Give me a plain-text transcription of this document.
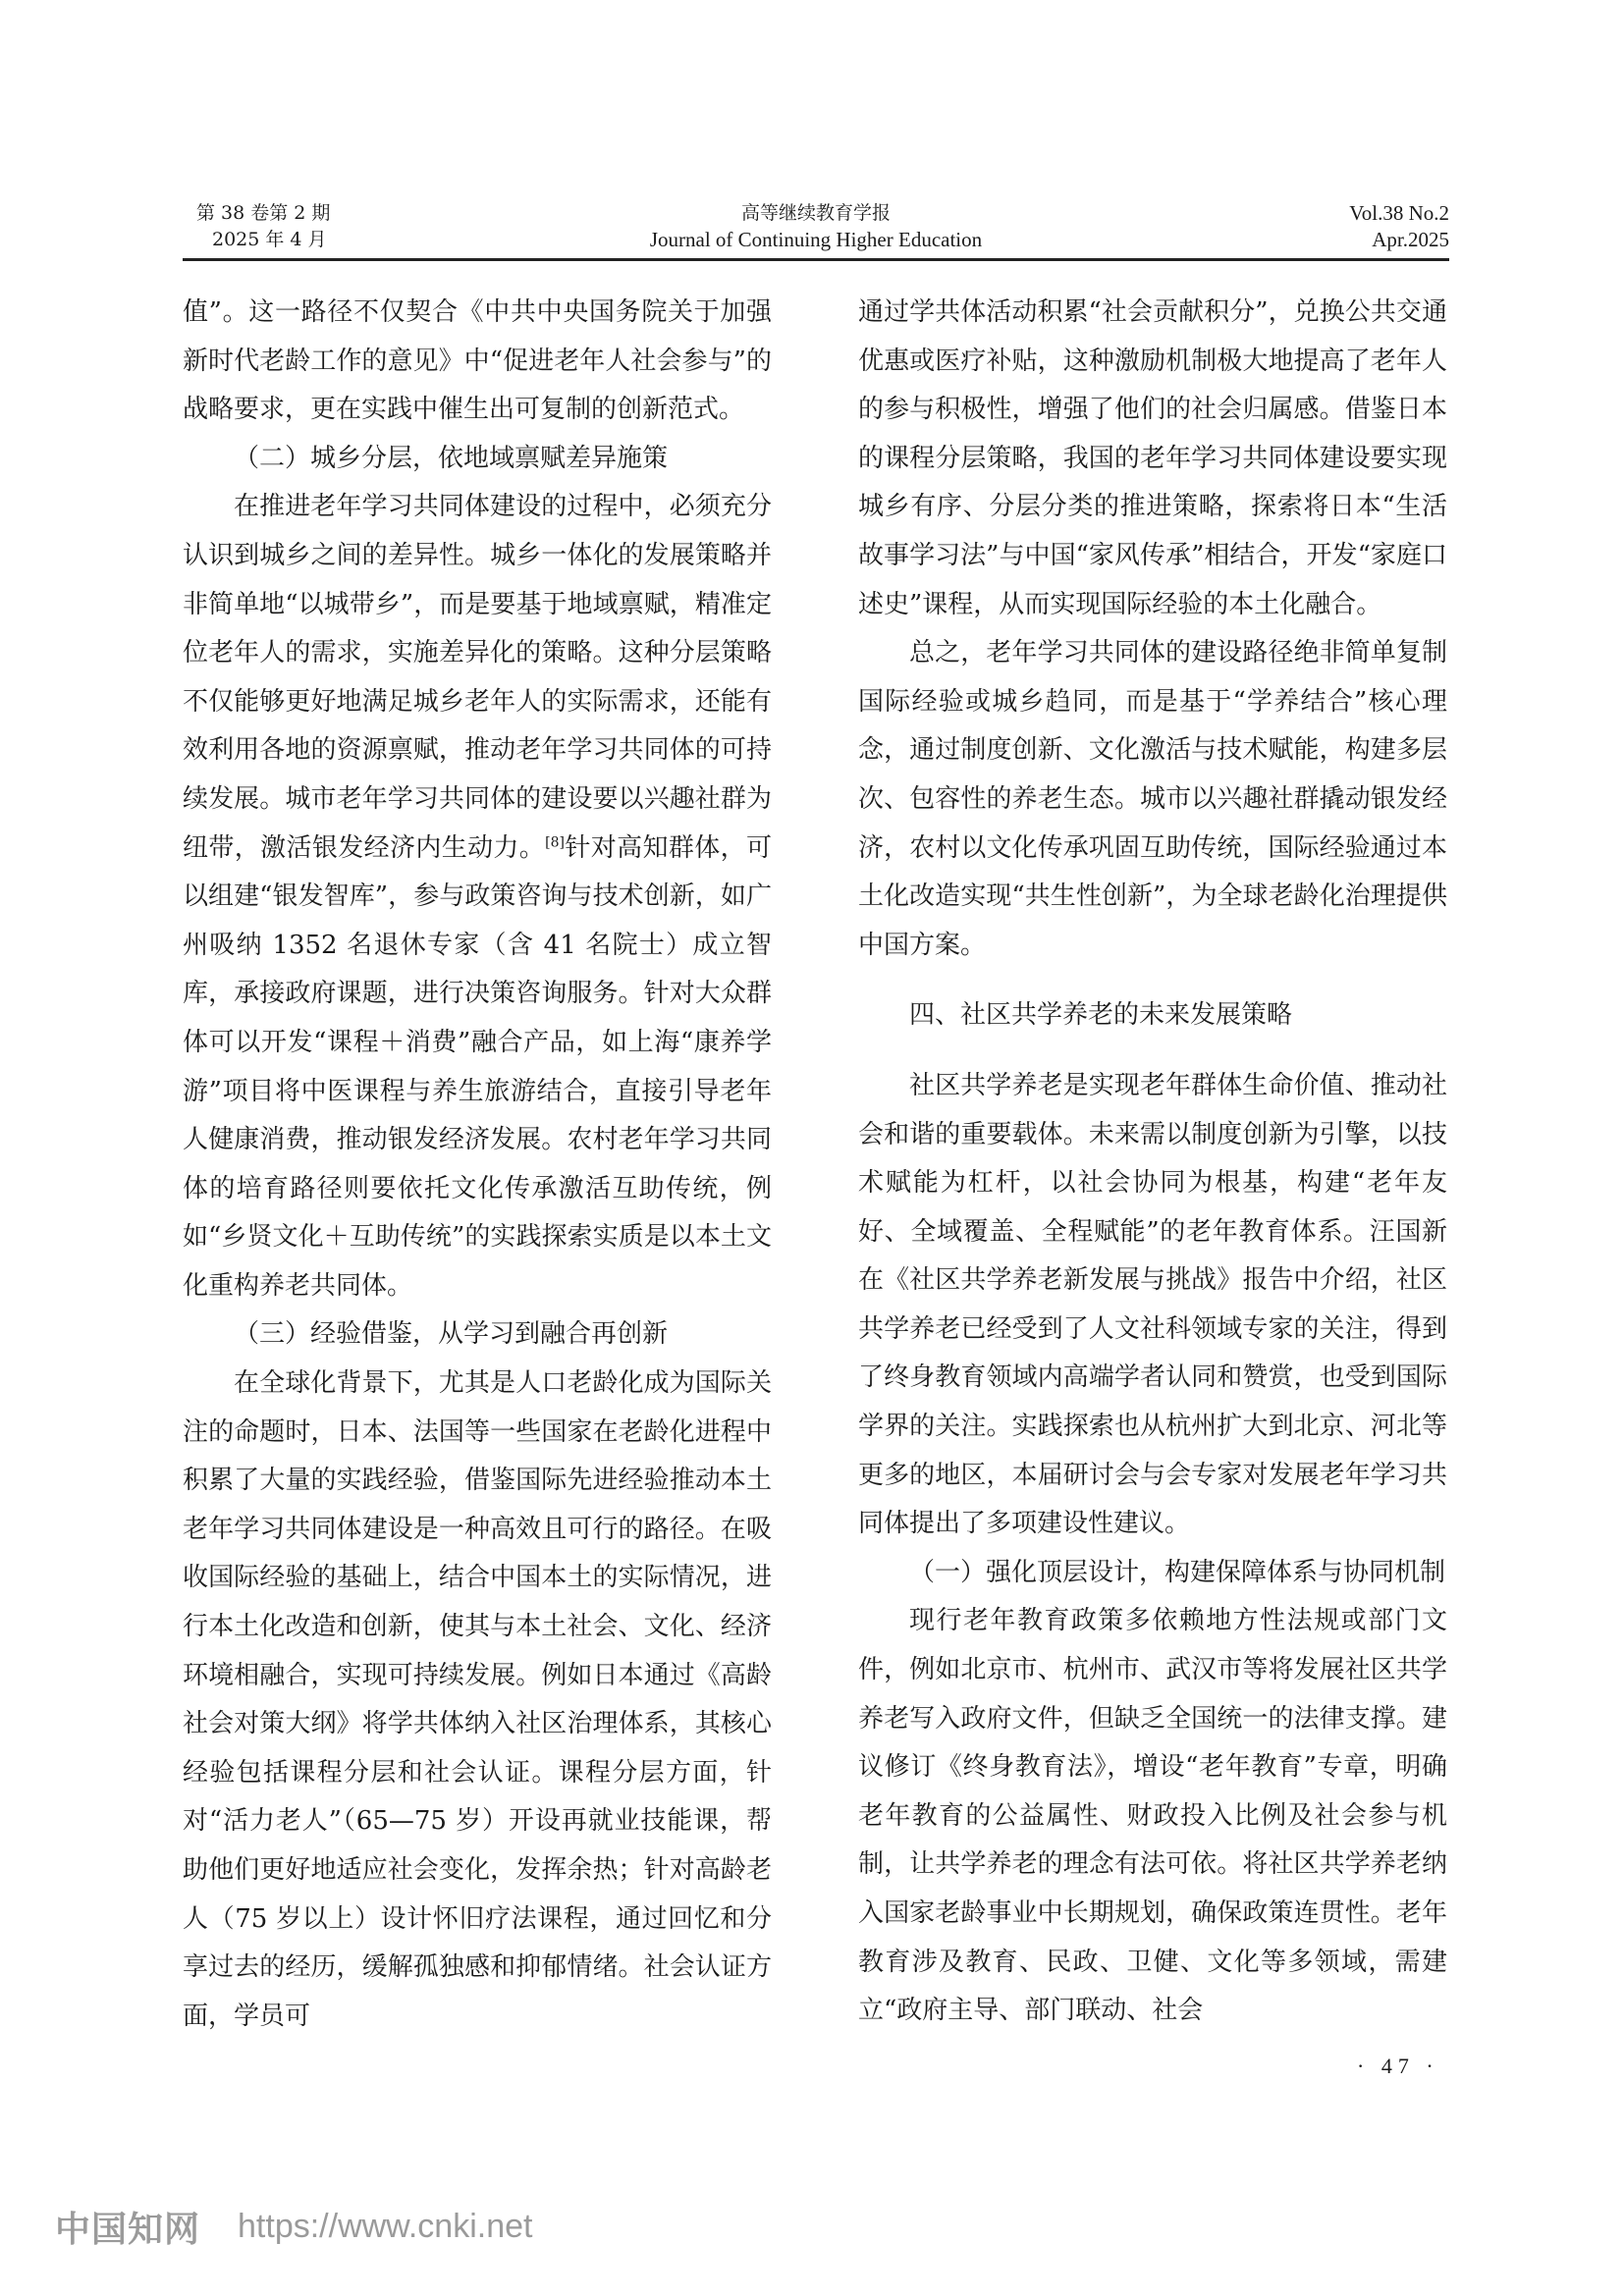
第 38 卷第 2 期
2025 年 4 月
高等继续教育学报
Journal of Continuing Higher Education
Vol.38 No.2
Apr.2025

值”。这一路径不仅契合《中共中央国务院关于加强新时代老龄工作的意见》中“促进老年人社会参与”的战略要求，更在实践中催生出可复制的创新范式。

（二）城乡分层，依地域禀赋差异施策

在推进老年学习共同体建设的过程中，必须充分认识到城乡之间的差异性。城乡一体化的发展策略并非简单地“以城带乡”，而是要基于地域禀赋，精准定位老年人的需求，实施差异化的策略。这种分层策略不仅能够更好地满足城乡老年人的实际需求，还能有效利用各地的资源禀赋，推动老年学习共同体的可持续发展。城市老年学习共同体的建设要以兴趣社群为纽带，激活银发经济内生动力。[8]针对高知群体，可以组建“银发智库”，参与政策咨询与技术创新，如广州吸纳 1352 名退休专家（含 41 名院士）成立智库，承接政府课题，进行决策咨询服务。针对大众群体可以开发“课程＋消费”融合产品，如上海“康养学游”项目将中医课程与养生旅游结合，直接引导老年人健康消费，推动银发经济发展。农村老年学习共同体的培育路径则要依托文化传承激活互助传统，例如“乡贤文化＋互助传统”的实践探索实质是以本土文化重构养老共同体。

（三）经验借鉴，从学习到融合再创新

在全球化背景下，尤其是人口老龄化成为国际关注的命题时，日本、法国等一些国家在老龄化进程中积累了大量的实践经验，借鉴国际先进经验推动本土老年学习共同体建设是一种高效且可行的路径。在吸收国际经验的基础上，结合中国本土的实际情况，进行本土化改造和创新，使其与本土社会、文化、经济环境相融合，实现可持续发展。例如日本通过《高龄社会对策大纲》将学共体纳入社区治理体系，其核心经验包括课程分层和社会认证。课程分层方面，针对“活力老人”（65—75 岁）开设再就业技能课，帮助他们更好地适应社会变化，发挥余热；针对高龄老人（75 岁以上）设计怀旧疗法课程，通过回忆和分享过去的经历，缓解孤独感和抑郁情绪。社会认证方面，学员可

通过学共体活动积累“社会贡献积分”，兑换公共交通优惠或医疗补贴，这种激励机制极大地提高了老年人的参与积极性，增强了他们的社会归属感。借鉴日本的课程分层策略，我国的老年学习共同体建设要实现城乡有序、分层分类的推进策略，探索将日本“生活故事学习法”与中国“家风传承”相结合，开发“家庭口述史”课程，从而实现国际经验的本土化融合。

总之，老年学习共同体的建设路径绝非简单复制国际经验或城乡趋同，而是基于“学养结合”核心理念，通过制度创新、文化激活与技术赋能，构建多层次、包容性的养老生态。城市以兴趣社群撬动银发经济，农村以文化传承巩固互助传统，国际经验通过本土化改造实现“共生性创新”，为全球老龄化治理提供中国方案。

四、社区共学养老的未来发展策略

社区共学养老是实现老年群体生命价值、推动社会和谐的重要载体。未来需以制度创新为引擎，以技术赋能为杠杆，以社会协同为根基，构建“老年友好、全域覆盖、全程赋能”的老年教育体系。汪国新在《社区共学养老新发展与挑战》报告中介绍，社区共学养老已经受到了人文社科领域专家的关注，得到了终身教育领域内高端学者认同和赞赏，也受到国际学界的关注。实践探索也从杭州扩大到北京、河北等更多的地区，本届研讨会与会专家对发展老年学习共同体提出了多项建设性建议。

（一）强化顶层设计，构建保障体系与协同机制

现行老年教育政策多依赖地方性法规或部门文件，例如北京市、杭州市、武汉市等将发展社区共学养老写入政府文件，但缺乏全国统一的法律支撑。建议修订《终身教育法》，增设“老年教育”专章，明确老年教育的公益属性、财政投入比例及社会参与机制，让共学养老的理念有法可依。将社区共学养老纳入国家老龄事业中长期规划，确保政策连贯性。老年教育涉及教育、民政、卫健、文化等多领域，需建立“政府主导、部门联动、社会

· 47 ·
中国知网 https://www.cnki.net
